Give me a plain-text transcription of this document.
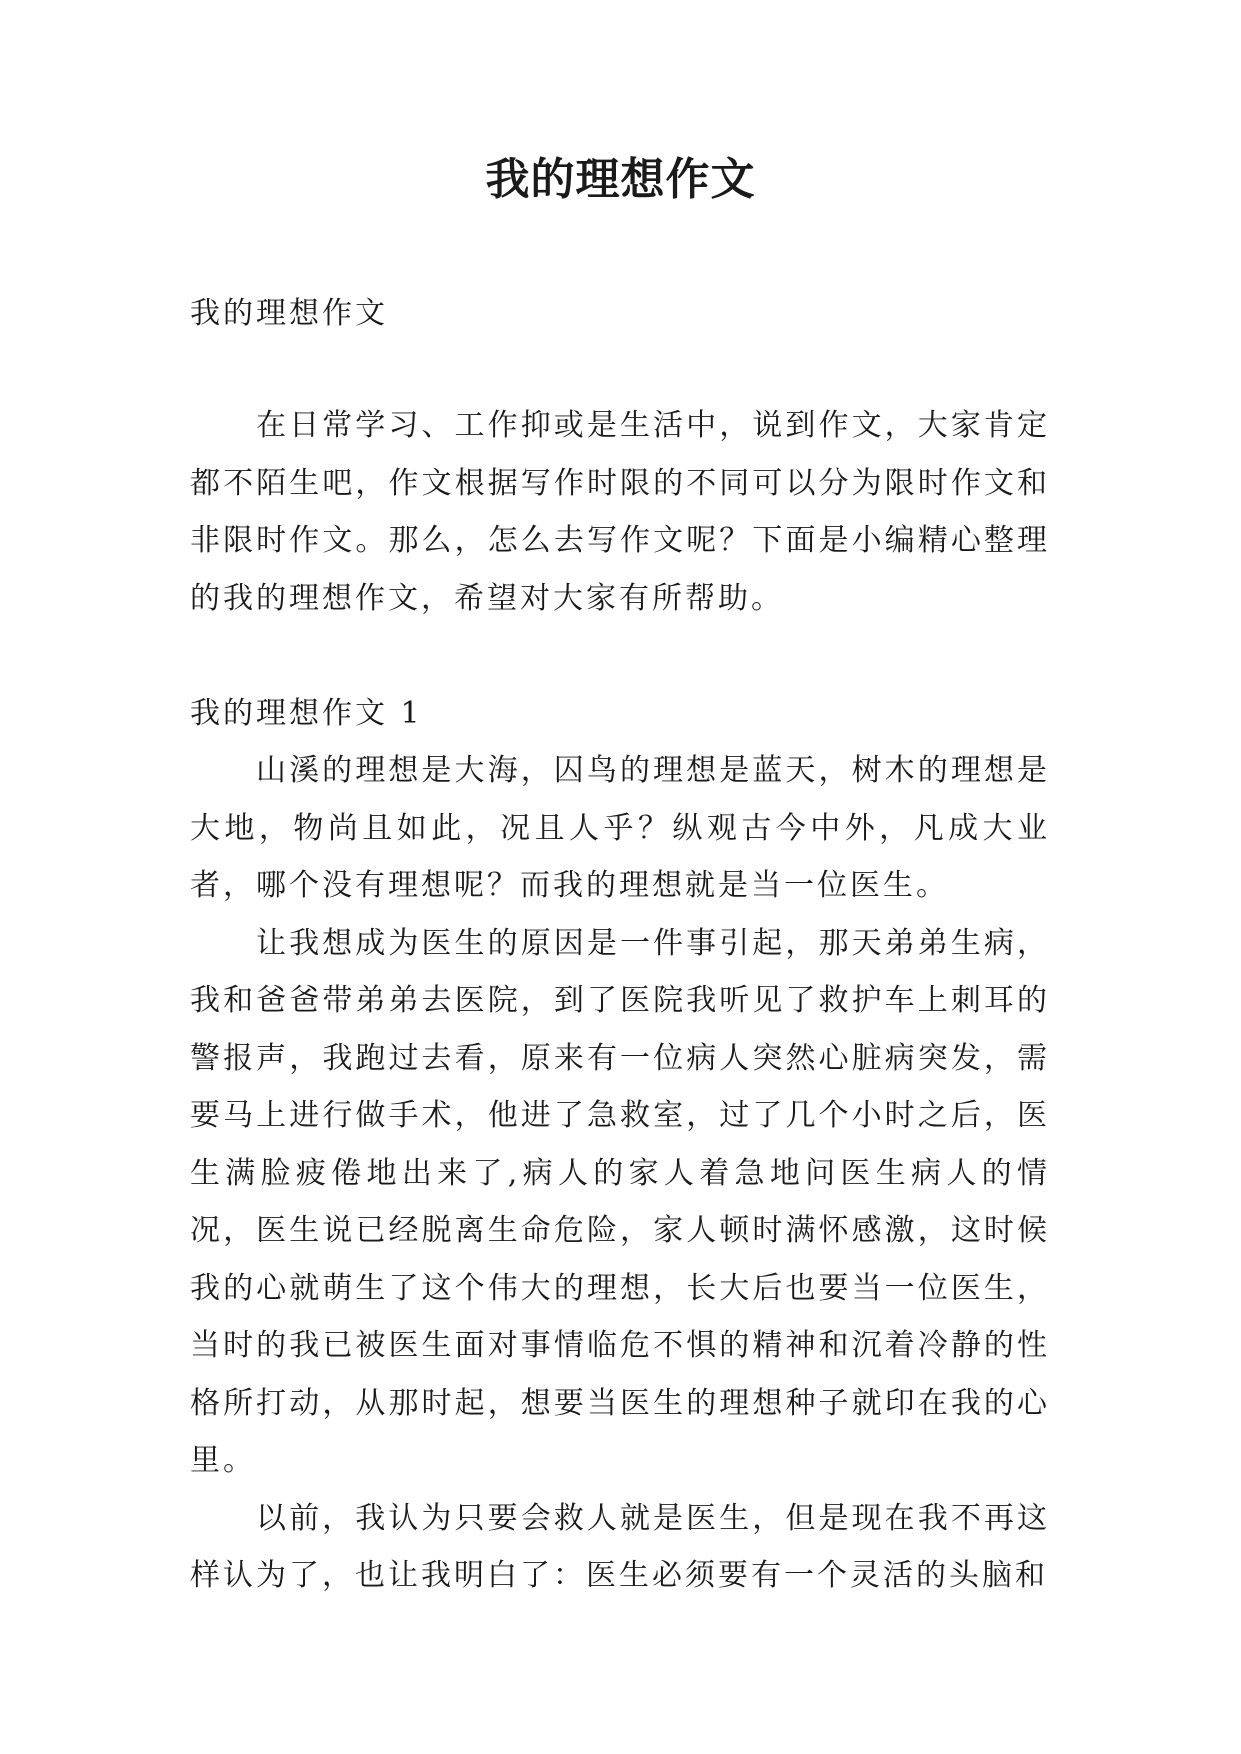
我的理想作文

我的理想作文

在日常学习、工作抑或是生活中，说到作文，大家肯定都不陌生吧，作文根据写作时限的不同可以分为限时作文和非限时作文。那么，怎么去写作文呢？下面是小编精心整理的我的理想作文，希望对大家有所帮助。

我的理想作文 1

山溪的理想是大海，囚鸟的理想是蓝天，树木的理想是大地，物尚且如此，况且人乎？纵观古今中外，凡成大业者，哪个没有理想呢？而我的理想就是当一位医生。

让我想成为医生的原因是一件事引起，那天弟弟生病，我和爸爸带弟弟去医院，到了医院我听见了救护车上刺耳的警报声，我跑过去看，原来有一位病人突然心脏病突发，需要马上进行做手术，他进了急救室，过了几个小时之后，医生满脸疲倦地出来了,病人的家人着急地问医生病人的情况，医生说已经脱离生命危险，家人顿时满怀感激，这时候我的心就萌生了这个伟大的理想，长大后也要当一位医生，当时的我已被医生面对事情临危不惧的精神和沉着冷静的性格所打动，从那时起，想要当医生的理想种子就印在我的心里。

以前，我认为只要会救人就是医生，但是现在我不再这样认为了，也让我明白了：医生必须要有一个灵活的头脑和
